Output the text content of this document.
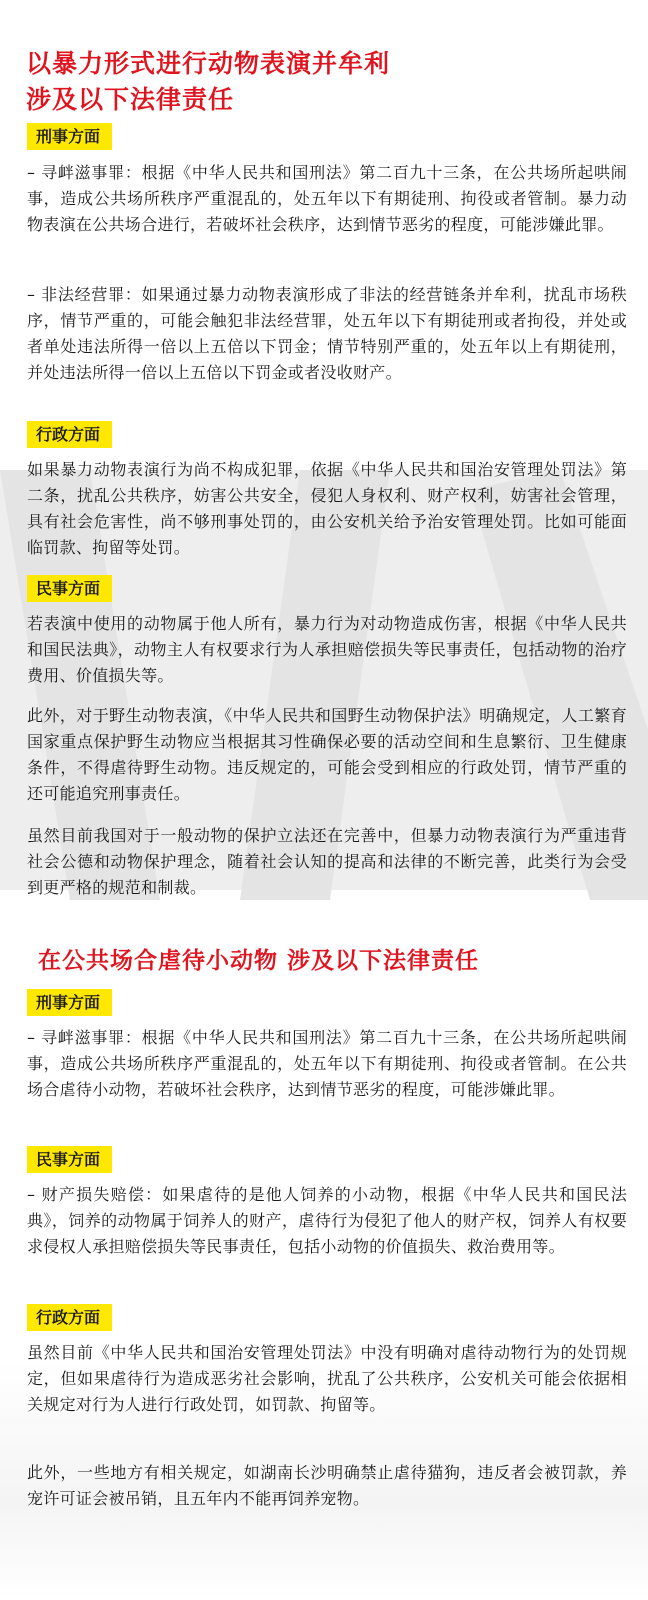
以暴力形式进行动物表演并牟利
涉及以下法律责任
刑事方面

– 寻衅滋事罪：根据《中华人民共和国刑法》第二百九十三条，在公共场所起哄闹事，造成公共场所秩序严重混乱的，处五年以下有期徒刑、拘役或者管制。暴力动物表演在公共场合进行，若破坏社会秩序，达到情节恶劣的程度，可能涉嫌此罪。

– 非法经营罪：如果通过暴力动物表演形成了非法的经营链条并牟利，扰乱市场秩序，情节严重的，可能会触犯非法经营罪，处五年以下有期徒刑或者拘役，并处或者单处违法所得一倍以上五倍以下罚金；情节特别严重的，处五年以上有期徒刑，并处违法所得一倍以上五倍以下罚金或者没收财产。

行政方面

如果暴力动物表演行为尚不构成犯罪，依据《中华人民共和国治安管理处罚法》第二条，扰乱公共秩序，妨害公共安全，侵犯人身权利、财产权利，妨害社会管理，具有社会危害性，尚不够刑事处罚的，由公安机关给予治安管理处罚。比如可能面临罚款、拘留等处罚。

民事方面

若表演中使用的动物属于他人所有，暴力行为对动物造成伤害，根据《中华人民共和国民法典》，动物主人有权要求行为人承担赔偿损失等民事责任，包括动物的治疗费用、价值损失等。

此外，对于野生动物表演，《中华人民共和国野生动物保护法》明确规定，人工繁育国家重点保护野生动物应当根据其习性确保必要的活动空间和生息繁衍、卫生健康条件，不得虐待野生动物。违反规定的，可能会受到相应的行政处罚，情节严重的还可能追究刑事责任。

虽然目前我国对于一般动物的保护立法还在完善中，但暴力动物表演行为严重违背社会公德和动物保护理念，随着社会认知的提高和法律的不断完善，此类行为会受到更严格的规范和制裁。

在公共场合虐待小动物 涉及以下法律责任
刑事方面

– 寻衅滋事罪：根据《中华人民共和国刑法》第二百九十三条，在公共场所起哄闹事，造成公共场所秩序严重混乱的，处五年以下有期徒刑、拘役或者管制。在公共场合虐待小动物，若破坏社会秩序，达到情节恶劣的程度，可能涉嫌此罪。

民事方面

– 财产损失赔偿：如果虐待的是他人饲养的小动物，根据《中华人民共和国民法典》，饲养的动物属于饲养人的财产，虐待行为侵犯了他人的财产权，饲养人有权要求侵权人承担赔偿损失等民事责任，包括小动物的价值损失、救治费用等。

行政方面

虽然目前《中华人民共和国治安管理处罚法》中没有明确对虐待动物行为的处罚规定，但如果虐待行为造成恶劣社会影响，扰乱了公共秩序，公安机关可能会依据相关规定对行为人进行行政处罚，如罚款、拘留等。

此外，一些地方有相关规定，如湖南长沙明确禁止虐待猫狗，违反者会被罚款，养宠许可证会被吊销，且五年内不能再饲养宠物。
